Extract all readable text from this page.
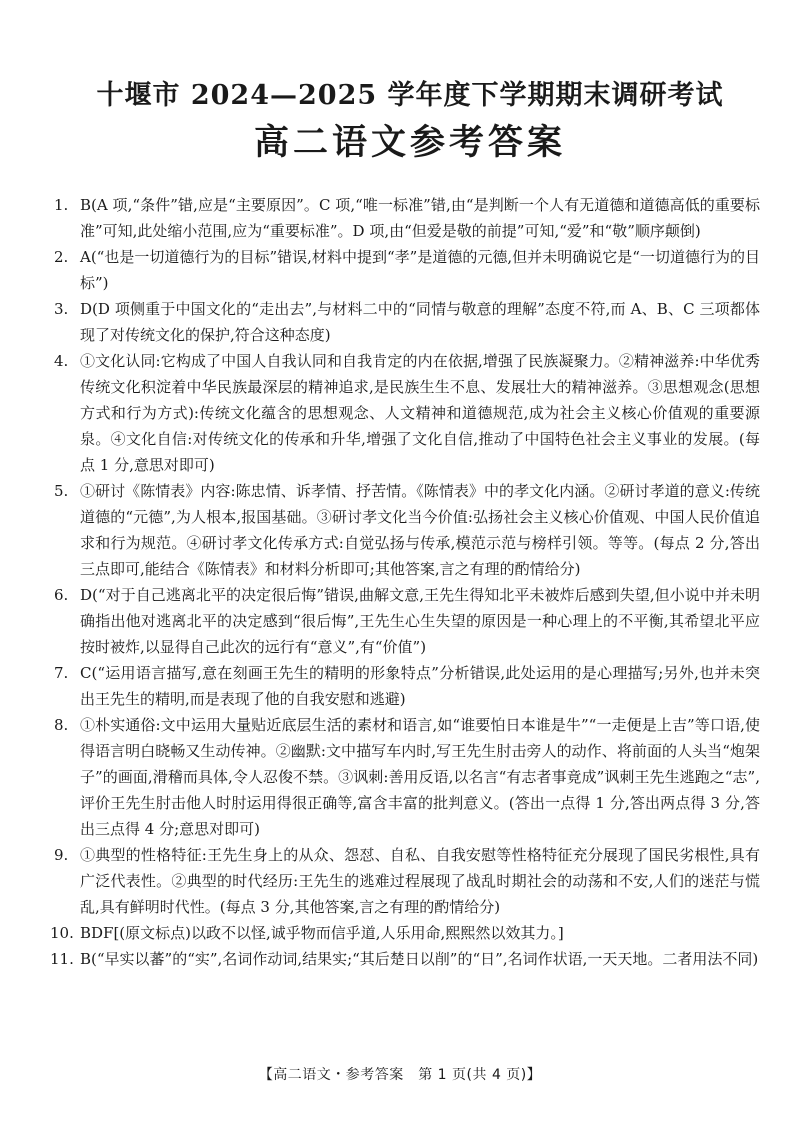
十堰市 2024—2025 学年度下学期期末调研考试
高二语文参考答案
1. B(A 项,“条件”错,应是“主要原因”。C 项,“唯一标准”错,由“是判断一个人有无道德和道德高低的重要标准”可知,此处缩小范围,应为“重要标准”。D 项,由“但爱是敬的前提”可知,“爱”和“敬”顺序颠倒)
2. A(“也是一切道德行为的目标”错误,材料中提到“孝”是道德的元德,但并未明确说它是“一切道德行为的目标”)
3. D(D 项侧重于中国文化的“走出去”,与材料二中的“同情与敬意的理解”态度不符,而 A、B、C 三项都体现了对传统文化的保护,符合这种态度)
4. ①文化认同:它构成了中国人自我认同和自我肯定的内在依据,增强了民族凝聚力。②精神滋养:中华优秀传统文化积淀着中华民族最深层的精神追求,是民族生生不息、发展壮大的精神滋养。③思想观念(思想方式和行为方式):传统文化蕴含的思想观念、人文精神和道德规范,成为社会主义核心价值观的重要源泉。④文化自信:对传统文化的传承和升华,增强了文化自信,推动了中国特色社会主义事业的发展。(每点 1 分,意思对即可)
5. ①研讨《陈情表》内容:陈忠情、诉孝情、抒苦情。《陈情表》中的孝文化内涵。②研讨孝道的意义:传统道德的“元德”,为人根本,报国基础。③研讨孝文化当今价值:弘扬社会主义核心价值观、中国人民价值追求和行为规范。④研讨孝文化传承方式:自觉弘扬与传承,模范示范与榜样引领。等等。(每点 2 分,答出三点即可,能结合《陈情表》和材料分析即可;其他答案,言之有理的酌情给分)
6. D(“对于自己逃离北平的决定很后悔”错误,曲解文意,王先生得知北平未被炸后感到失望,但小说中并未明确指出他对逃离北平的决定感到“很后悔”,王先生心生失望的原因是一种心理上的不平衡,其希望北平应按时被炸,以显得自己此次的远行有“意义”,有“价值”)
7. C(“运用语言描写,意在刻画王先生的精明的形象特点”分析错误,此处运用的是心理描写;另外,也并未突出王先生的精明,而是表现了他的自我安慰和逃避)
8. ①朴实通俗:文中运用大量贴近底层生活的素材和语言,如“谁要怕日本谁是牛”“一走便是上吉”等口语,使得语言明白晓畅又生动传神。②幽默:文中描写车内时,写王先生肘击旁人的动作、将前面的人头当“炮架子”的画面,滑稽而具体,令人忍俊不禁。③讽刺:善用反语,以名言“有志者事竟成”讽刺王先生逃跑之“志”,评价王先生肘击他人时肘运用得很正确等,富含丰富的批判意义。(答出一点得 1 分,答出两点得 3 分,答出三点得 4 分;意思对即可)
9. ①典型的性格特征:王先生身上的从众、怨怼、自私、自我安慰等性格特征充分展现了国民劣根性,具有广泛代表性。②典型的时代经历:王先生的逃难过程展现了战乱时期社会的动荡和不安,人们的迷茫与慌乱,具有鲜明时代性。(每点 3 分,其他答案,言之有理的酌情给分)
10. BDF[(原文标点)以政不以怪,诚乎物而信乎道,人乐用命,熙熙然以效其力。]
11. B(“早实以蕃”的“实”,名词作动词,结果实;“其后楚日以削”的“日”,名词作状语,一天天地。二者用法不同)
【高二语文・参考答案　第 1 页(共 4 页)】
